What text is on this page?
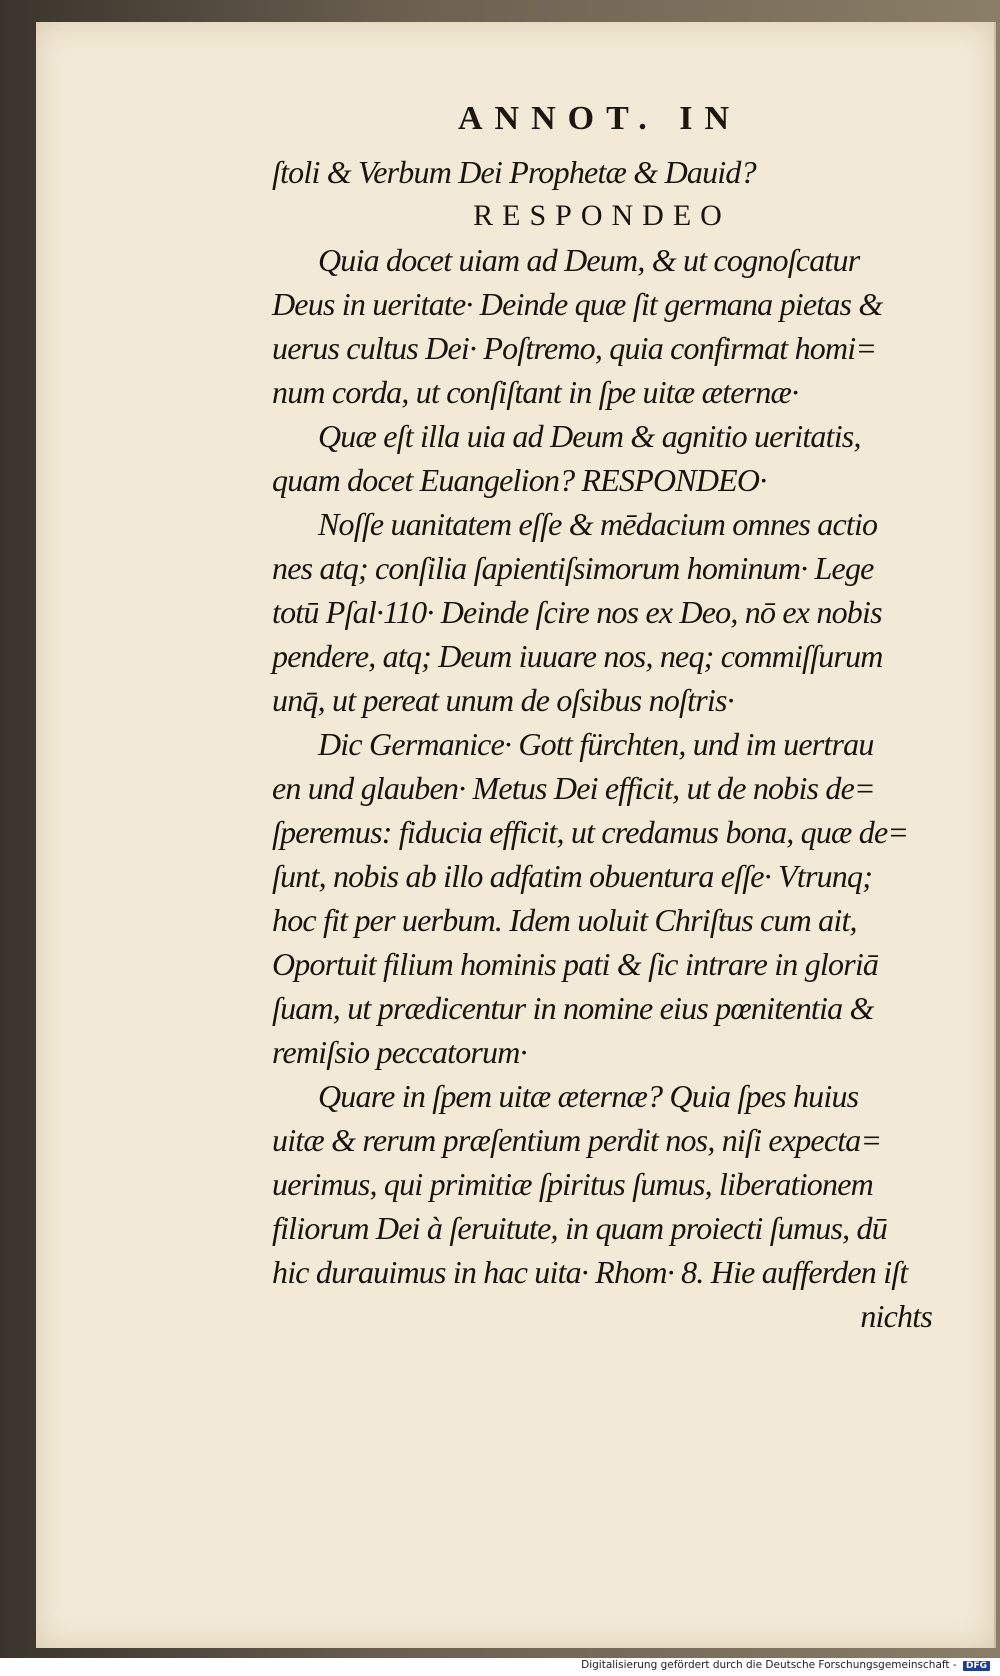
ANNOT. IN
ſtoli & Verbum Dei Prophetæ & Dauid?
RESPONDEO
Quia docet uiam ad Deum, & ut cognoſcatur
Deus in ueritate· Deinde quæ ſit germana pietas &
uerus cultus Dei· Poſtremo, quia confirmat homi=
num corda, ut conſiſtant in ſpe uitæ æternæ·
Quæ eſt illa uia ad Deum & agnitio ueritatis,
quam docet Euangelion? RESPONDEO·
Noſſe uanitatem eſſe & mēdacium omnes actio
nes atq; conſilia ſapientiſsimorum hominum· Lege
totū Pſal·110· Deinde ſcire nos ex Deo, nō ex nobis
pendere, atq; Deum iuuare nos, neq; commiſſurum
unq̄, ut pereat unum de oſsibus noſtris·
Dic Germanice· Gott fürchten, und im uertrau
en und glauben· Metus Dei efficit, ut de nobis de=
ſperemus: fiducia efficit, ut credamus bona, quæ de=
ſunt, nobis ab illo adfatim obuentura eſſe· Vtrunq;
hoc fit per uerbum. Idem uoluit Chriſtus cum ait,
Oportuit filium hominis pati & ſic intrare in gloriā
ſuam, ut prædicentur in nomine eius pœnitentia &
remiſsio peccatorum·
Quare in ſpem uitæ æternæ? Quia ſpes huius
uitæ & rerum præſentium perdit nos, niſi expecta=
uerimus, qui primitiæ ſpiritus ſumus, liberationem
filiorum Dei à ſeruitute, in quam proiecti ſumus, dū
hic durauimus in hac uita· Rhom· 8. Hie aufferden iſt
nichts
Digitalisierung gefördert durch die Deutsche Forschungsgemeinschaft - DFG
